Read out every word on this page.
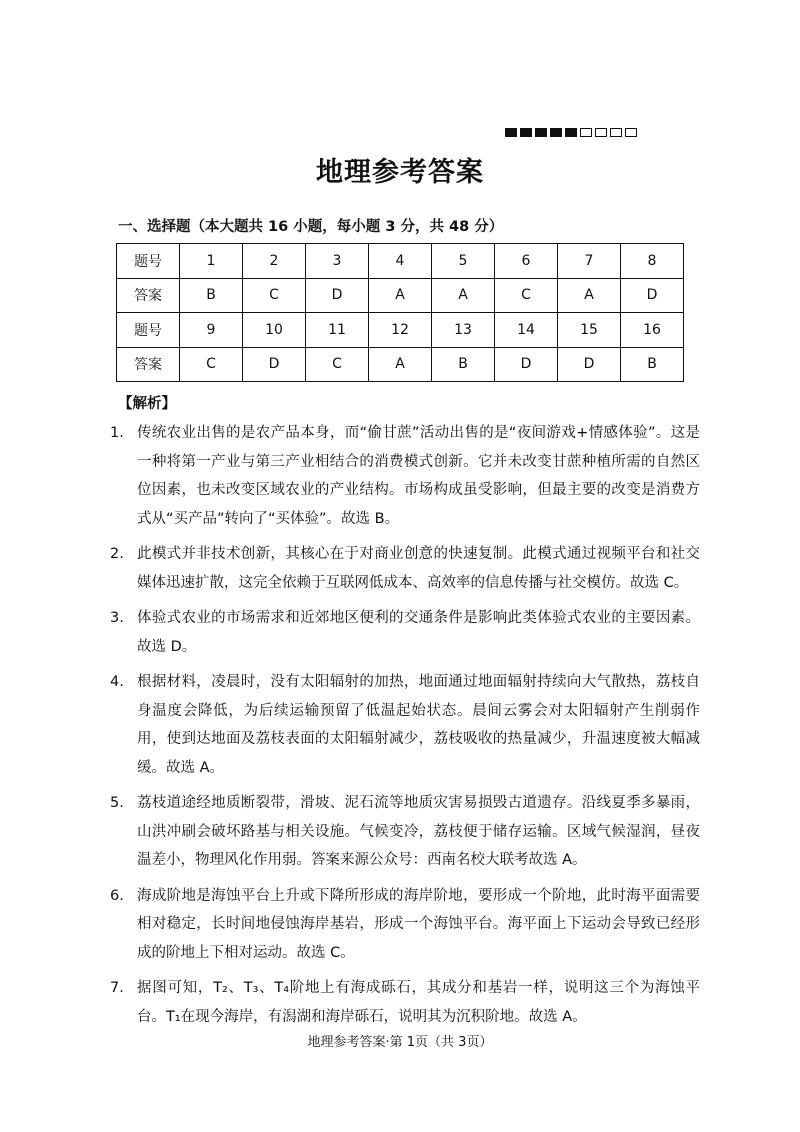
地理参考答案
一、选择题（本大题共 16 小题，每小题 3 分，共 48 分）
题号	1	2	3	4	5	6	7	8
答案	B	C	D	A	A	C	A	D
题号	9	10	11	12	13	14	15	16
答案	C	D	C	A	B	D	D	B
【解析】
1. 传统农业出售的是农产品本身，而“偷甘蔗”活动出售的是“夜间游戏+情感体验”。这是一种将第一产业与第三产业相结合的消费模式创新。它并未改变甘蔗种植所需的自然区位因素，也未改变区域农业的产业结构。市场构成虽受影响，但最主要的改变是消费方式从“买产品”转向了“买体验”。故选 B。
2. 此模式并非技术创新，其核心在于对商业创意的快速复制。此模式通过视频平台和社交媒体迅速扩散，这完全依赖于互联网低成本、高效率的信息传播与社交模仿。故选 C。
3. 体验式农业的市场需求和近郊地区便利的交通条件是影响此类体验式农业的主要因素。故选 D。
4. 根据材料，凌晨时，没有太阳辐射的加热，地面通过地面辐射持续向大气散热，荔枝自身温度会降低，为后续运输预留了低温起始状态。晨间云雾会对太阳辐射产生削弱作用，使到达地面及荔枝表面的太阳辐射减少，荔枝吸收的热量减少，升温速度被大幅减缓。故选 A。
5. 荔枝道途经地质断裂带，滑坡、泥石流等地质灾害易损毁古道遗存。沿线夏季多暴雨，山洪冲刷会破坏路基与相关设施。气候变冷，荔枝便于储存运输。区域气候湿润，昼夜温差小，物理风化作用弱。答案来源公众号：西南名校大联考故选 A。
6. 海成阶地是海蚀平台上升或下降所形成的海岸阶地，要形成一个阶地，此时海平面需要相对稳定，长时间地侵蚀海岸基岩，形成一个海蚀平台。海平面上下运动会导致已经形成的阶地上下相对运动。故选 C。
7. 据图可知，T₂、T₃、T₄阶地上有海成砾石，其成分和基岩一样，说明这三个为海蚀平台。T₁在现今海岸，有潟湖和海岸砾石，说明其为沉积阶地。故选 A。
地理参考答案·第 1页（共 3页）
